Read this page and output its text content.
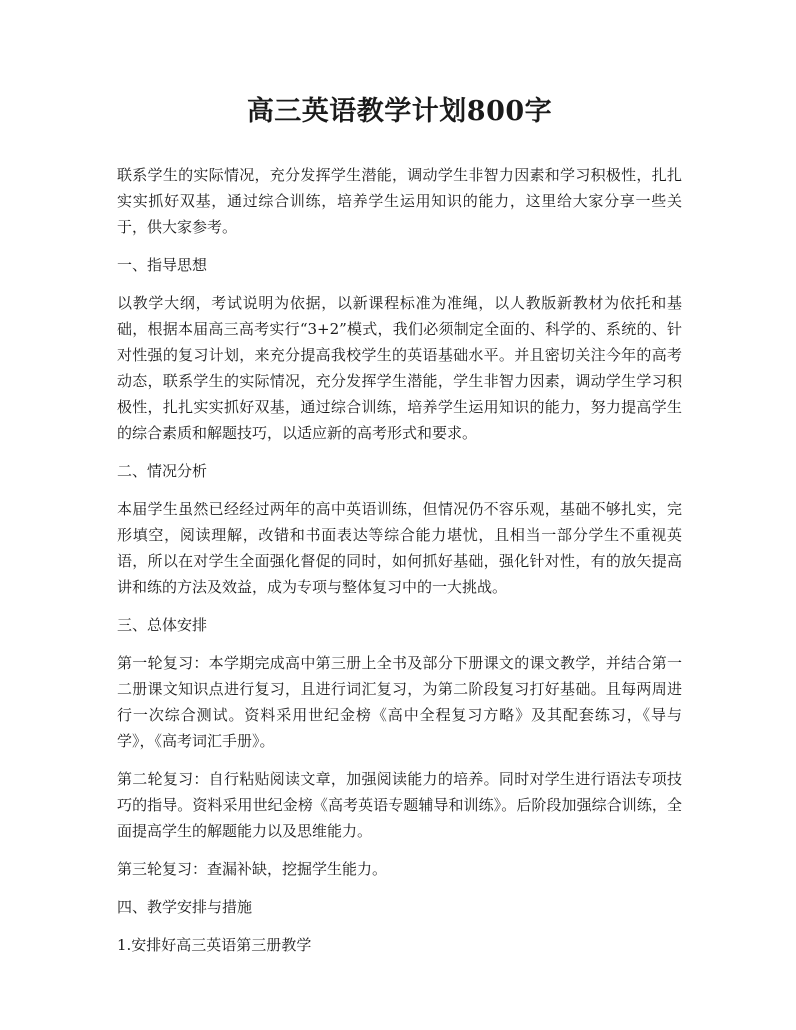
高三英语教学计划800字

联系学生的实际情况，充分发挥学生潜能，调动学生非智力因素和学习积极性，扎扎实实抓好双基，通过综合训练，培养学生运用知识的能力，这里给大家分享一些关于，供大家参考。

一、指导思想

以教学大纲，考试说明为依据，以新课程标准为准绳，以人教版新教材为依托和基础，根据本届高三高考实行“3+2”模式，我们必须制定全面的、科学的、系统的、针对性强的复习计划，来充分提高我校学生的英语基础水平。并且密切关注今年的高考动态，联系学生的实际情况，充分发挥学生潜能，学生非智力因素，调动学生学习积极性，扎扎实实抓好双基，通过综合训练，培养学生运用知识的能力，努力提高学生的综合素质和解题技巧，以适应新的高考形式和要求。

二、情况分析

本届学生虽然已经经过两年的高中英语训练，但情况仍不容乐观，基础不够扎实，完形填空，阅读理解，改错和书面表达等综合能力堪忧，且相当一部分学生不重视英语，所以在对学生全面强化督促的同时，如何抓好基础，强化针对性，有的放矢提高讲和练的方法及效益，成为专项与整体复习中的一大挑战。

三、总体安排

第一轮复习：本学期完成高中第三册上全书及部分下册课文的课文教学，并结合第一二册课文知识点进行复习，且进行词汇复习，为第二阶段复习打好基础。且每两周进行一次综合测试。资料采用世纪金榜《高中全程复习方略》及其配套练习，《导与学》，《高考词汇手册》。

第二轮复习：自行粘贴阅读文章，加强阅读能力的培养。同时对学生进行语法专项技巧的指导。资料采用世纪金榜《高考英语专题辅导和训练》。后阶段加强综合训练，全面提高学生的解题能力以及思维能力。

第三轮复习：查漏补缺，挖掘学生能力。

四、教学安排与措施

1.安排好高三英语第三册教学
